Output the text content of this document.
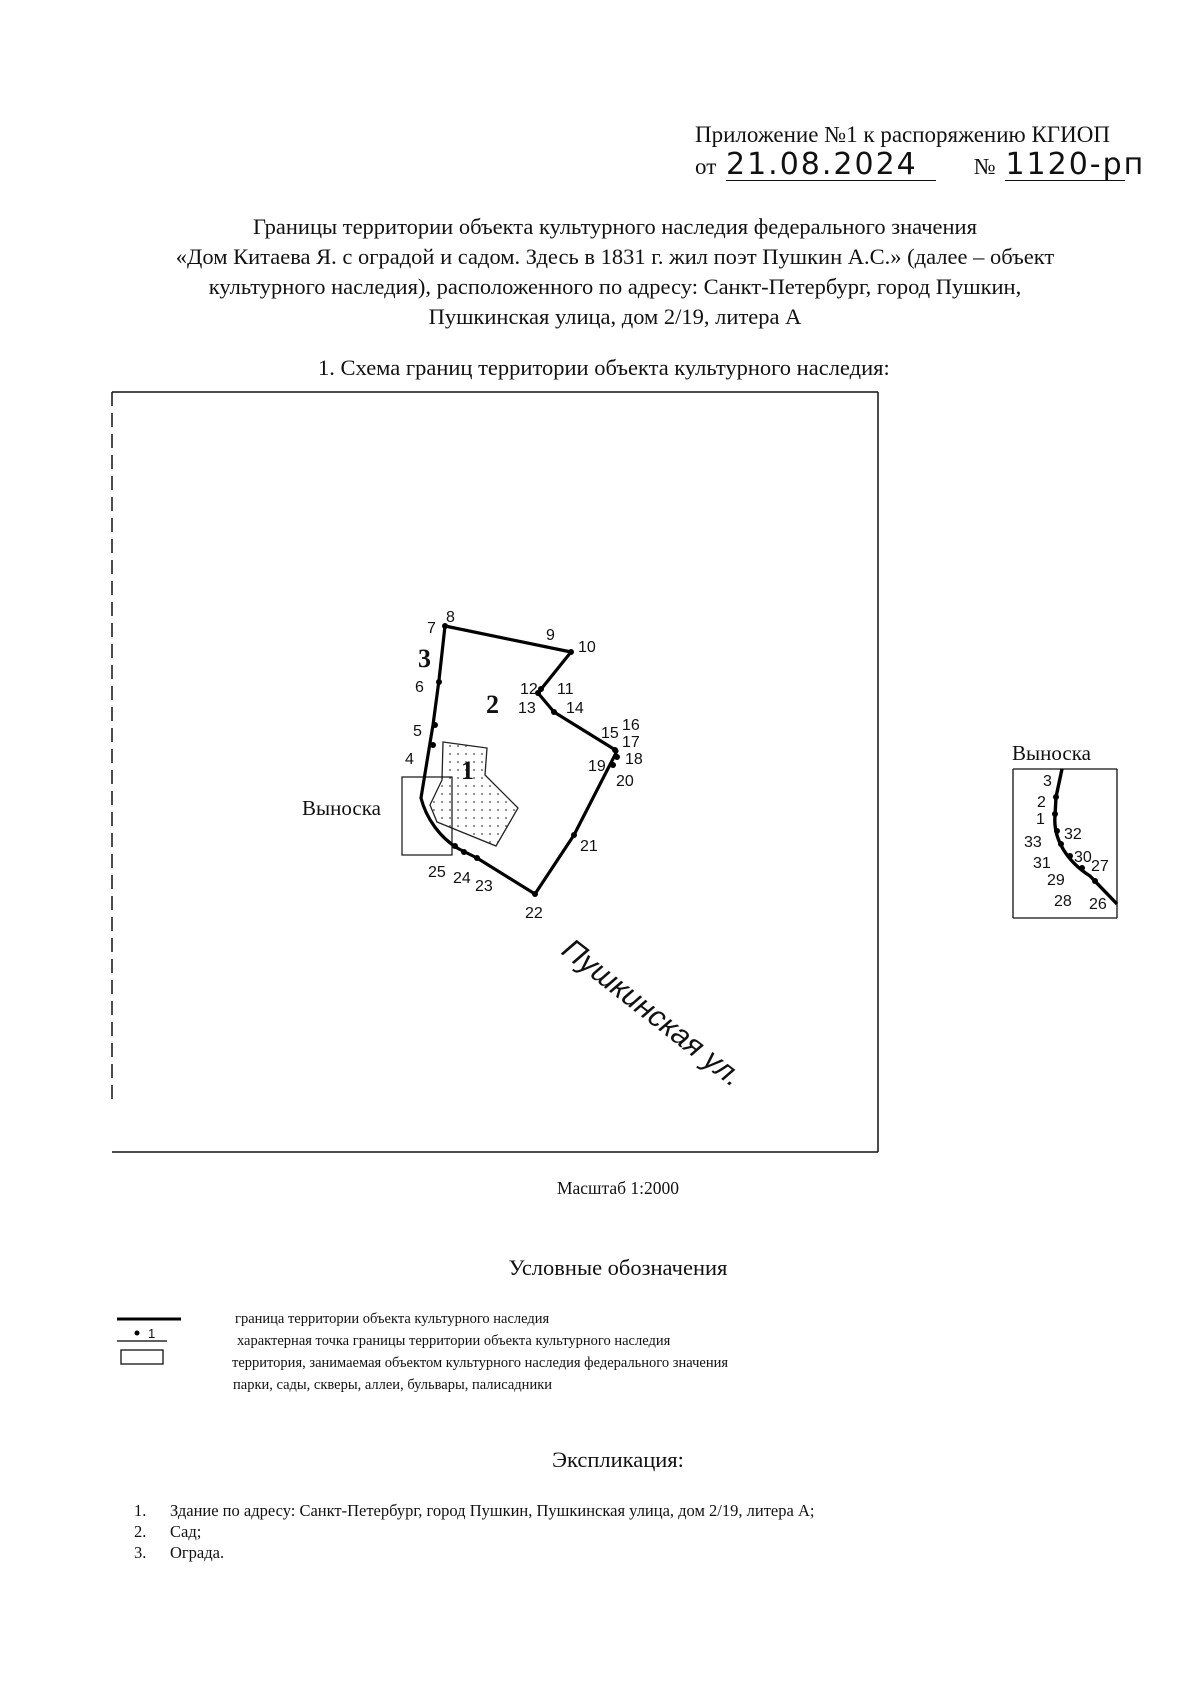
Приложение №1 к распоряжению КГИОП
от 21.08.2024 № 1120-рп
Границы территории объекта культурного наследия федерального значения
«Дом Китаева Я. с оградой и садом. Здесь в 1831 г. жил поэт Пушкин А.С.» (далее – объект
культурного наследия), расположенного по адресу: Санкт-Петербург, город Пушкин,
Пушкинская улица, дом 2/19, литера А
1. Схема границ территории объекта культурного наследия:
4
5
6
7
8
9
10
11
12
13 14
15 16
17
18
19
20
21
22
23
24
25
1
2
3
Выноска
Пушкинская ул.
Выноска
1
2
3
26
27
28
29
30
31
32
33
1
Масштаб 1:2000
Условные обозначения
граница территории объекта культурного наследия
характерная точка границы территории объекта культурного наследия
территория, занимаемая объектом культурного наследия федерального значения
парки, сады, скверы, аллеи, бульвары, палисадники
Экспликация:
1. Здание по адресу: Санкт-Петербург, город Пушкин, Пушкинская улица, дом 2/19, литера А;
2. Сад;
3. Ограда.
